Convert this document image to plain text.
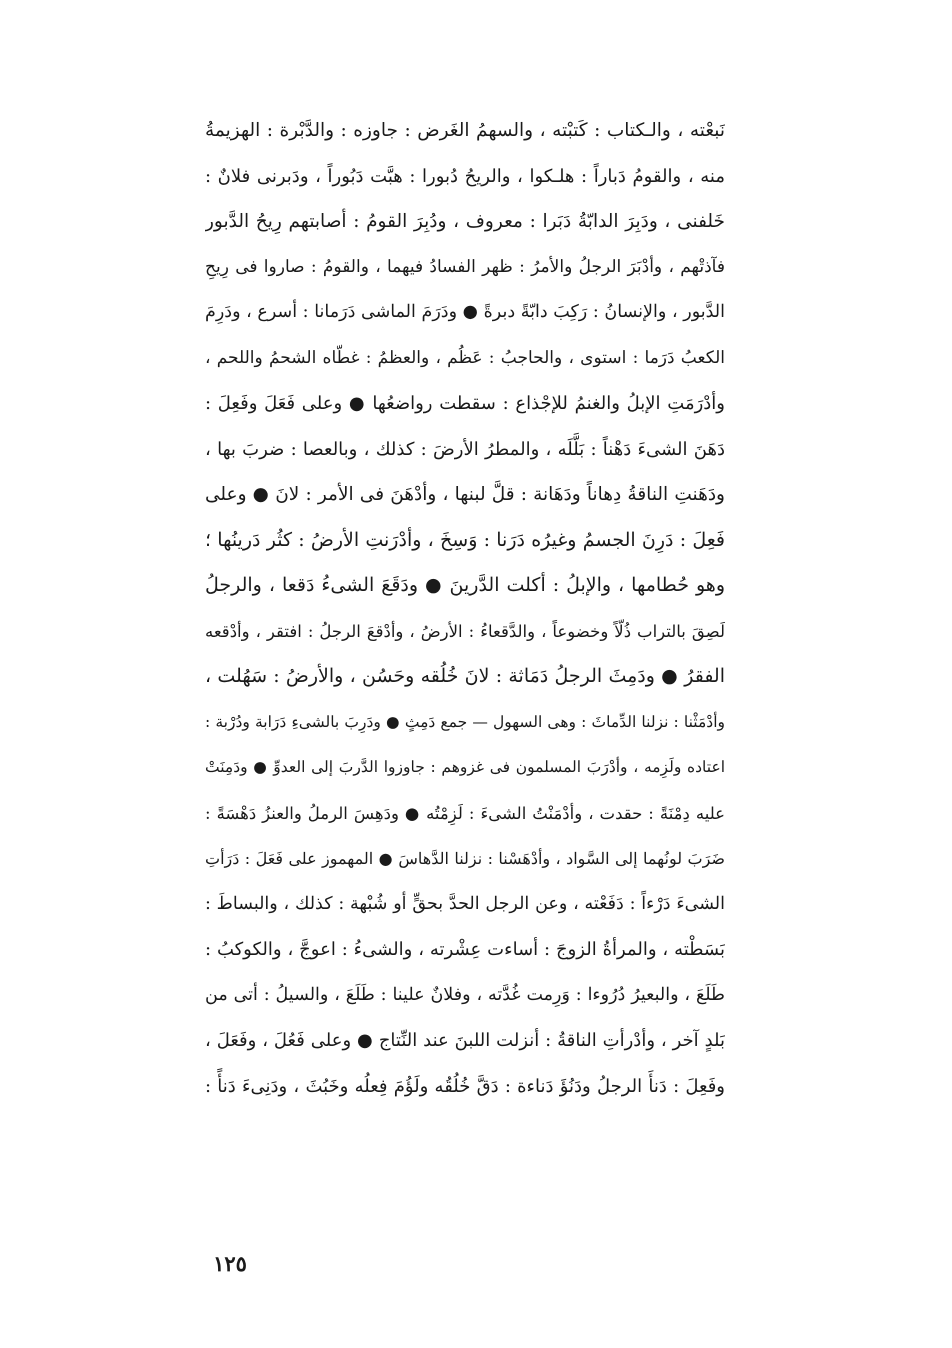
نَبعْته ، والـكتاب : كَتبْته ، والسهمُ الغَرض : جاوزه : والدَّبْرة : الهزيمةُ
منه ، والقومُ دَباراً : هلـكوا ، والريحُ دُبورا : هبَّت دَبُوراً ، ودَبرنى فلانٌ :
خَلفنى ، ودَبِرَ الدابّةُ دَبَرا : معروف ، ودُبِرَ القومُ : أصابتهم رِيحُ الدَّبور
فآذتْهم ، وأدْبَرَ الرجلُ والأمرُ : ظهر الفسادُ فيهما ، والقومُ : صاروا فى رِيحِ
الدَّبور ، والإنسانُ : رَكِبَ دابّةً دبرةً ● ودَرَمَ الماشى دَرَمانا : أسرع ، ودَرِمَ
الكعبُ دَرَما : استوى ، والحاجبُ : عَظُم ، والعظمُ : غطّاه الشحمُ واللحم ،
وأدْرَمَتِ الإبلُ والغنمُ للإجْذاع : سقطت رواضعُها ● وعلى فَعَلَ وفَعِلَ :
دَهَنَ الشىءَ دَهْناً : بَلَّلَه ، والمطرُ الأرضَ : كذلك ، وبالعصا : ضربَ بها ،
ودَهَنتِ الناقةُ دِهاناً ودَهَانة : قلَّ لبنها ، وأدْهَنَ فى الأمر : لانَ ● وعلى
فَعِلَ : دَرِنَ الجسمُ وغيرُه دَرَنا : وَسِخَ ، وأدْرَنتِ الأرضُ : كثُر دَرينُها ؛
وهو حُطامها ، والإبلُ : أكلت الدَّرينَ ● ودَقَعَ الشىءُ دَقعا ، والرجلُ
لَصِقَ بالتراب ذُلّاً وخضوعاً ، والدَّقعاءُ : الأرضُ ، وأدْقعَ الرجلُ : افتقر ، وأدْقعه
الفقرُ ● ودَمِثَ الرجلُ دَمَاثة : لانَ خُلُقه وحَسُن ، والأرضُ : سَهُلت ،
وأدْمَثْنا : نزلنا الدِّماثَ : وهى السهول — جمع دَمِثٍ ● ودَرِبَ بالشىءِ دَرَابة ودُرْبة :
اعتاده ولَزِمه ، وأدْرَبَ المسلمون فى غزوهم : جاوزوا الدَّربَ إلى العدوِّ ● ودَمِنَتْ
عليه دِمْنَةً : حقدت ، وأدْمَنْتُ الشىءَ : لَزِمْتُه ● ودَهِسَ الرملُ والعنزُ دَهْسَةً :
ضَرَبَ لونُهما إلى السَّواد ، وأدْهَسْنا : نزلنا الدَّهاسَ ● المهموز على فَعَلَ : دَرَأتِ
الشىءَ دَرْءاً : دَفَعْته ، وعن الرجل الحدَّ بحقٍّ أو شُبْهة : كذلك ، والبساطَ :
بَسَطْته ، والمرأةُ الزوجَ : أساءت عِشْرته ، والشىءُ : اعوجَّ ، والكوكبُ :
طَلَعَ ، والبعيرُ دُرُوءا : وَرِمت غُدَّته ، وفلانٌ علينا : طَلَعَ ، والسيلُ : أتى من
بَلدٍ آخر ، وأدْرأتِ الناقةُ : أنزلت اللبنَ عند النِّتاج ● وعلى فَعُلَ ، وفَعَلَ ،
وفَعِلَ : دَنأَ الرجلُ ودَنُؤَ دَناءة : دَقَّ خُلُقُه ولَؤُمَ فِعلُه وخَبُثَ ، ودَنِىءَ دَنأً :
١٢٥
